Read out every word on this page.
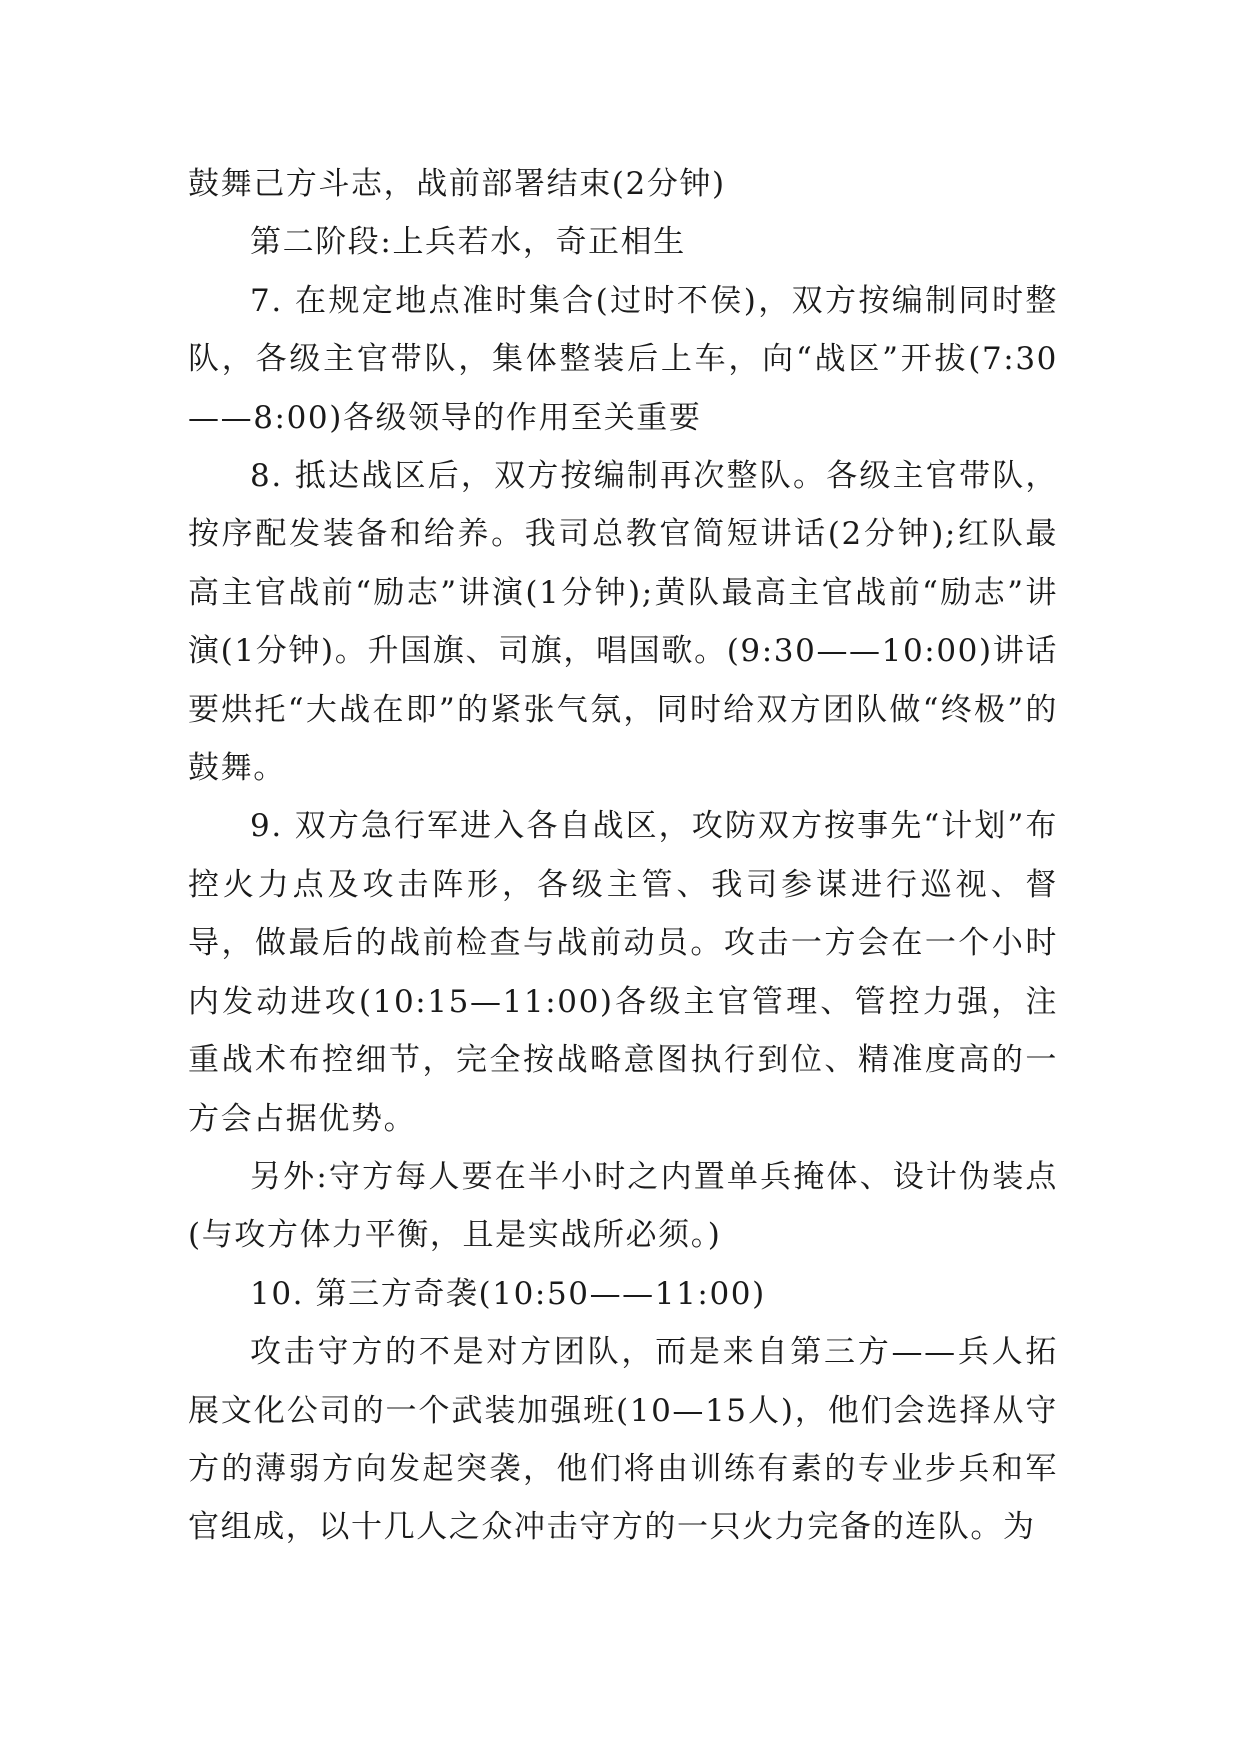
鼓舞己方斗志，战前部署结束(2分钟)

第二阶段:上兵若水，奇正相生

7. 在规定地点准时集合(过时不侯)，双方按编制同时整队，各级主官带队，集体整装后上车，向“战区”开拔(7:30——8:00)各级领导的作用至关重要

8. 抵达战区后，双方按编制再次整队。各级主官带队，按序配发装备和给养。我司总教官简短讲话(2分钟);红队最高主官战前“励志”讲演(1分钟);黄队最高主官战前“励志”讲演(1分钟)。升国旗、司旗，唱国歌。(9:30——10:00)讲话要烘托“大战在即”的紧张气氛，同时给双方团队做“终极”的鼓舞。

9. 双方急行军进入各自战区，攻防双方按事先“计划”布控火力点及攻击阵形，各级主管、我司参谋进行巡视、督导，做最后的战前检查与战前动员。攻击一方会在一个小时内发动进攻(10:15—11:00)各级主官管理、管控力强，注重战术布控细节，完全按战略意图执行到位、精准度高的一方会占据优势。

另外:守方每人要在半小时之内置单兵掩体、设计伪装点(与攻方体力平衡，且是实战所必须。)

10. 第三方奇袭(10:50——11:00)

攻击守方的不是对方团队，而是来自第三方——兵人拓展文化公司的一个武装加强班(10—15人)，他们会选择从守方的薄弱方向发起突袭，他们将由训练有素的专业步兵和军官组成，以十几人之众冲击守方的一只火力完备的连队。为
